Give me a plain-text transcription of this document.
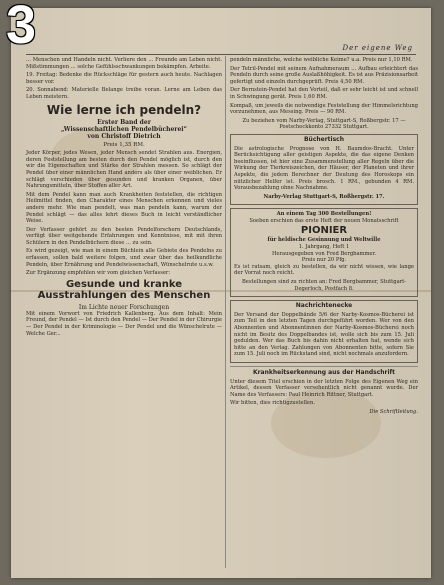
Der eigene Weg

... Menschen und Handeln nicht. Verliere den ... Freunde am Leben nicht. Mißstimmungen ... solche Gefühlsschwankungen bekämpfen. Arbeite.

19. Freitag: Bedenke die Rückschläge für gestern auch heute. Nachlagen besser vor.

20. Sonnabend: Materielle Belange treibe voran. Lerne am Leben das Leben meistern.

Wie lerne ich pendeln?
Erster Band der
„Wissenschaftlichen Pendelbücherei“
von Christoff Dietrich
Preis 1,35 RM.

Jeder Körper, jedes Wesen, jeder Mensch sendet Strahlen aus. Energien, deren Feststellung am besten durch den Pendel möglich ist, durch den wir die Eigenschaften und Stärke der Strahlen messen. So schlägt der Pendel über einer männlichen Hand anders als über einer weiblichen. Er schlägt verschieden über gesunden und kranken Organen, über Nahrungsmitteln, über Stoffen aller Art.

Mit dem Pendel kann man auch Krankheiten feststellen, die richtigen Heilmittel finden, den Charakter eines Menschen erkennen und vieles andere mehr. Wie man pendelt, was man pendeln kann, warum der Pendel schlägt — das alles lehrt dieses Buch in leicht verständlicher Weise.

Der Verfasser gehört zu den besten Pendelforschern Deutschlands, verfügt über weitgehende Erfahrungen und Kenntnisse, mit mit ihren Schülern in den Pendelbüchern diese ... zu sein.

Es wird gezeigt, wie man in einem Büchlein alle Gebiete des Pendelns zu erfassen, sollen bald weitere folgen, und zwar über das heilkundliche Pendeln, über Ernährung und Pendelwissenschaft, Wünschelrute u.s.w.

Zur Ergänzung empfehlen wir vom gleichen Verfasser:

Gesunde und kranke Ausstrahlungen des Menschen
Im Lichte neuer Forschungen

Mit einem Vorwort von Friedrich Kallenberg. Aus dem Inhalt: Mein Freund, der Pendel — Ist durch den Pendel — Der Pendel in der Chirurgie — Der Pendel in der Kriminologie — Der Pendel und die Wünschelrute — Welche Ger...

pendeln männliche, welche weibliche Keime? u.a. Preis nur 1,10 RM.

Der Tetril-Pendel mit seinem Aufnahmeraum ... Aufbau erleichtert das Pendeln durch seine große Auslaßhöhigkeit. Es ist aus Präzisionsarbeit gefertigt und einzeln durchgeprüft. Preis 4,50 RM.

Der Bernstein-Pendel hat den Vorteil, daß er sehr leicht ist und schnell in Schwingung gerät. Preis 1,60 RM.

Kompaß, um jeweils die notwendige Feststellung der Himmelsrichtung vorzunehmen, aus Messing. Preis — 90 RM.

Zu beziehen vom Narby-Verlag, Stuttgart-S, Roßbergstr. 17 — Postscheckkonto 27332 Stuttgart.

Büchertisch

Die astrologische Prognose von H. Baumdos-Bracht. Unter Berücksichtigung aller geistigen Aspekte, die das eigene Denken beeinflussen, ist hier eine Zusammenstellung aller Regeln über die Wirkung der Tierkreiszeichen, der Häuser, der Planeten und ihrer Aspekte, die jedem Berechner der Deutung des Horoskops ein nützlicher Helfer ist. Preis brosch. 1 RM., gebunden 4 RM. Vorausbezahlung ohne Nachnahme.

Narby-Verlag Stuttgart-S, Roßbergstr. 17.

An einem Tag 300 Bestellungen!
Soeben erschien das erste Heft der neuen Monatsschrift
PIONIER
für heldische Gesinnung und Weltwille
1. Jahrgang, Heft 1
Herausgegeben von Fred Bergbammer.
Preis nur 20 Pfg.

Es ist ratsam, gleich zu bestellen, da wir nicht wissen, wie lange der Vorrat noch reicht.

Bestellungen sind zu richten an: Fred Bergbammer, Stuttgart-Degerloch, Postfach 8.

Nachrichtenecke

Der Versand der Doppelbände 5/6 der Narby-Kosmos-Bücherei ist zum Teil in den letzten Tagen durchgeführt worden. Wer von den Abonnenten und Abonnentinnen der Narby-Kosmos-Bücherei noch nicht im Besitz des Doppelbandes ist, wolle sich bis zum 15. Juli gedulden. Wer das Buch bis dahin nicht erhalten hat, wende sich bitte an den Verlag. Zahlungen von Abonnenten bitte, sofern Sie zum 15. Juli noch im Rückstand sind, nicht nochmals anzufordern.

Krankheitserkennung aus der Handschrift

Unter diesem Titel erschien in der letzten Folge des Eigenen Weg ein Artikel, dessen Verfasser versehentlich nicht genannt wurde. Der Name des Verfassers: Paul Heinrich Rittner, Stuttgart.

Wir bitten, dies richtigzustellen.

Die Schriftleitung.

3
